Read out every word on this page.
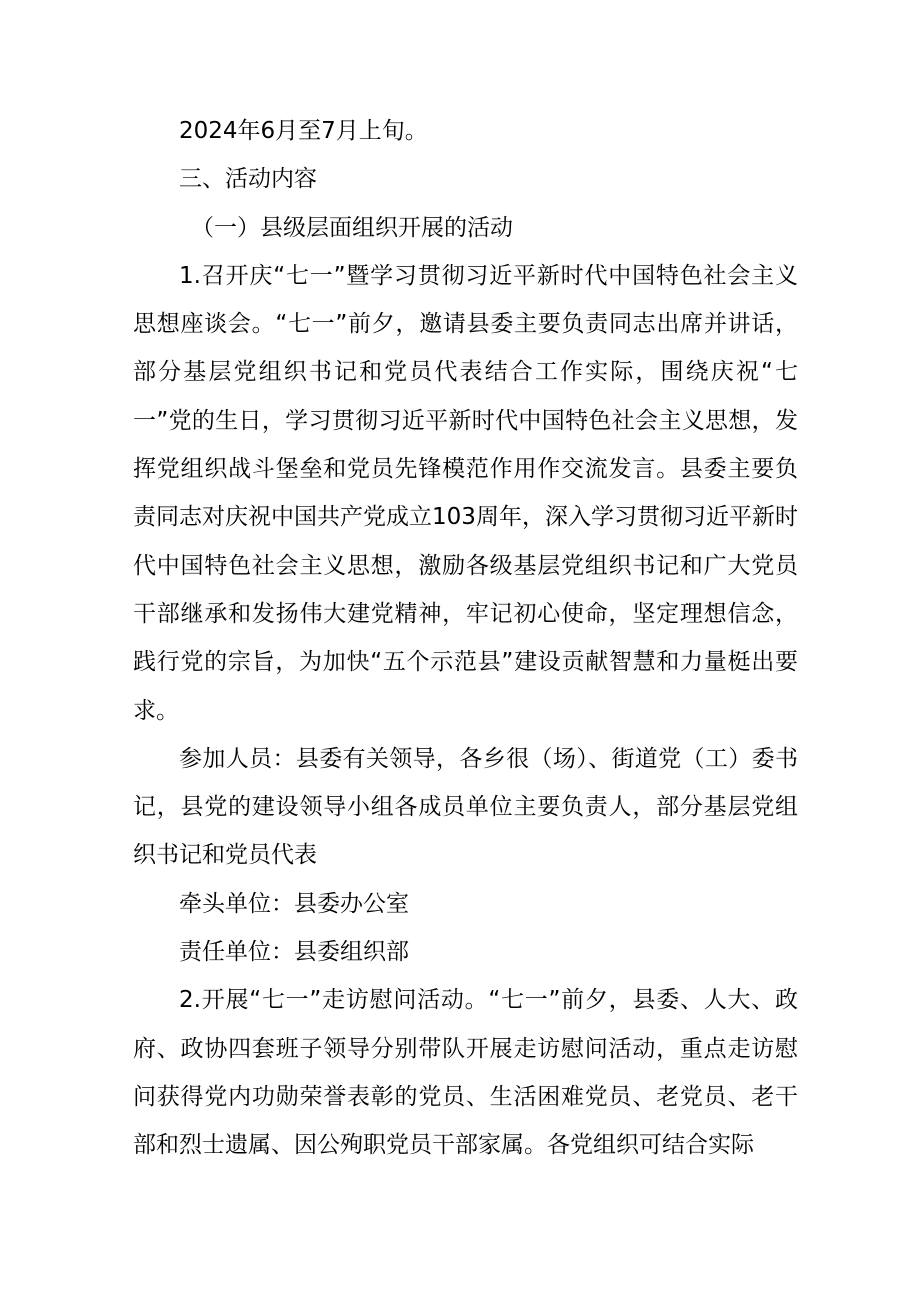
2024年6月至7月上旬。

三、活动内容

（一）县级层面组织开展的活动

1.召开庆“七一”暨学习贯彻习近平新时代中国特色社会主义思想座谈会。“七一”前夕，邀请县委主要负责同志出席并讲话，部分基层党组织书记和党员代表结合工作实际，围绕庆祝“七一”党的生日，学习贯彻习近平新时代中国特色社会主义思想，发挥党组织战斗堡垒和党员先锋模范作用作交流发言。县委主要负责同志对庆祝中国共产党成立103周年，深入学习贯彻习近平新时代中国特色社会主义思想，激励各级基层党组织书记和广大党员干部继承和发扬伟大建党精神，牢记初心使命，坚定理想信念，践行党的宗旨，为加快“五个示范县”建设贡献智慧和力量梃出要求。

参加人员：县委有关领导，各乡很（场）、街道党（工）委书记，县党的建设领导小组各成员单位主要负责人，部分基层党组织书记和党员代表

牵头单位：县委办公室

责任单位：县委组织部

2.开展“七一”走访慰问活动。“七一”前夕，县委、人大、政府、政协四套班子领导分别带队开展走访慰问活动，重点走访慰问获得党内功勋荣誉表彰的党员、生活困难党员、老党员、老干部和烈士遗属、因公殉职党员干部家属。各党组织可结合实际
